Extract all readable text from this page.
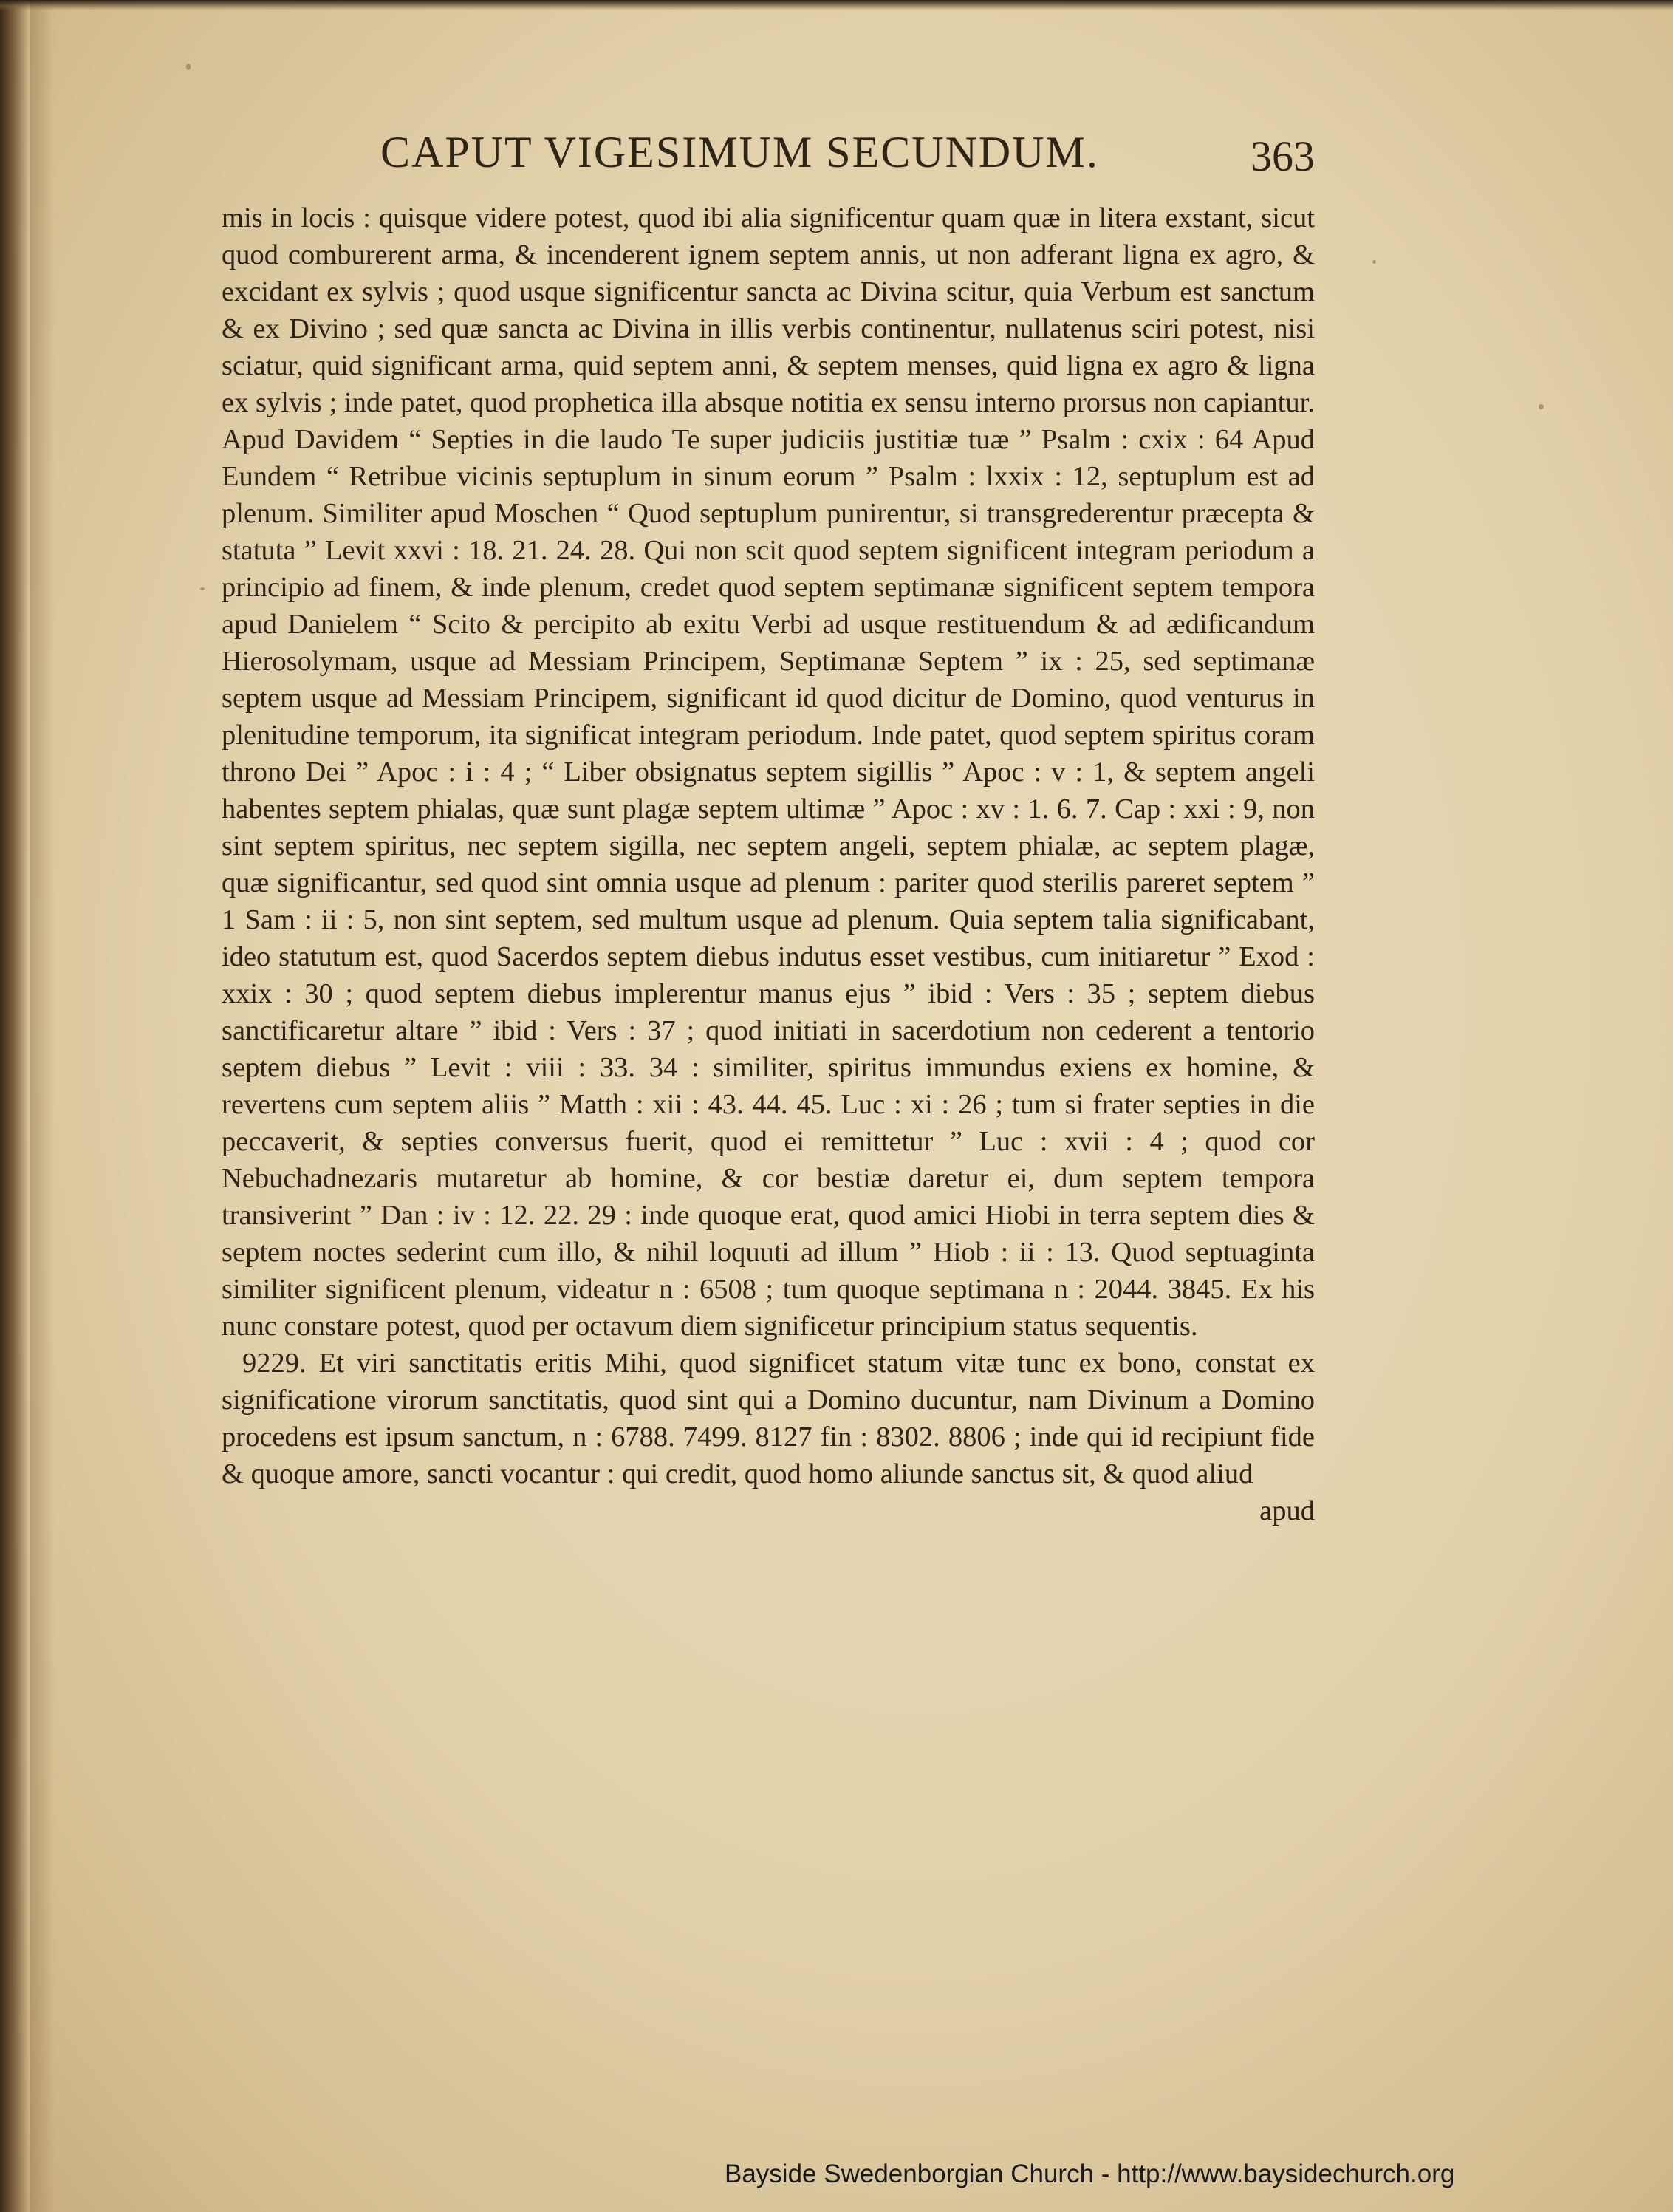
CAPUT VIGESIMUM SECUNDUM.	363

mis in locis : quisque videre potest, quod ibi alia significentur quam quæ in litera exstant, sicut quod comburerent arma, & incenderent ignem septem annis, ut non adferant ligna ex agro, & excidant ex sylvis ; quod usque significentur sancta ac Divina scitur, quia Verbum est sanctum & ex Divino ; sed quæ sancta ac Divina in illis verbis continentur, nullatenus sciri potest, nisi sciatur, quid significant arma, quid septem anni, & septem menses, quid ligna ex agro & ligna ex sylvis ; inde patet, quod prophetica illa absque notitia ex sensu interno prorsus non capiantur. Apud Davidem “ Septies in die laudo Te super judiciis justitiæ tuæ ” Psalm : cxix : 64 Apud Eundem “ Retribue vicinis septuplum in sinum eorum ” Psalm : lxxix : 12, septuplum est ad plenum. Similiter apud Moschen “ Quod septuplum punirentur, si transgrederentur præcepta & statuta ” Levit xxvi : 18. 21. 24. 28. Qui non scit quod septem significent integram periodum a principio ad finem, & inde plenum, credet quod septem septimanæ significent septem tempora apud Danielem “ Scito & percipito ab exitu Verbi ad usque restituendum & ad ædificandum Hierosolymam, usque ad Messiam Principem, Septimanæ Septem ” ix : 25, sed septimanæ septem usque ad Messiam Principem, significant id quod dicitur de Domino, quod venturus in plenitudine temporum, ita significat integram periodum. Inde patet, quod septem spiritus coram throno Dei ” Apoc : i : 4 ; “ Liber obsignatus septem sigillis ” Apoc : v : 1, & septem angeli habentes septem phialas, quæ sunt plagæ septem ultimæ ” Apoc : xv : 1. 6. 7. Cap : xxi : 9, non sint septem spiritus, nec septem sigilla, nec septem angeli, septem phialæ, ac septem plagæ, quæ significantur, sed quod sint omnia usque ad plenum : pariter quod sterilis pareret septem ” 1 Sam : ii : 5, non sint septem, sed multum usque ad plenum. Quia septem talia significabant, ideo statutum est, quod Sacerdos septem diebus indutus esset vestibus, cum initiaretur ” Exod : xxix : 30 ; quod septem diebus implerentur manus ejus ” ibid : Vers : 35 ; septem diebus sanctificaretur altare ” ibid : Vers : 37 ; quod initiati in sacerdotium non cederent a tentorio septem diebus ” Levit : viii : 33. 34 : similiter, spiritus immundus exiens ex homine, & revertens cum septem aliis ” Matth : xii : 43. 44. 45. Luc : xi : 26 ; tum si frater septies in die peccaverit, & septies conversus fuerit, quod ei remittetur ” Luc : xvii : 4 ; quod cor Nebuchadnezaris mutaretur ab homine, & cor bestiæ daretur ei, dum septem tempora transiverint ” Dan : iv : 12. 22. 29 : inde quoque erat, quod amici Hiobi in terra septem dies & septem noctes sederint cum illo, & nihil loquuti ad illum ” Hiob : ii : 13. Quod septuaginta similiter significent plenum, videatur n : 6508 ; tum quoque septimana n : 2044. 3845. Ex his nunc constare potest, quod per octavum diem significetur principium status sequentis.

9229. Et viri sanctitatis eritis Mihi, quod significet statum vitæ tunc ex bono, constat ex significatione virorum sanctitatis, quod sint qui a Domino ducuntur, nam Divinum a Domino procedens est ipsum sanctum, n : 6788. 7499. 8127 fin : 8302. 8806 ; inde qui id recipiunt fide & quoque amore, sancti vocantur : qui credit, quod homo aliunde sanctus sit, & quod aliud

apud

Bayside Swedenborgian Church - http://www.baysidechurch.org
